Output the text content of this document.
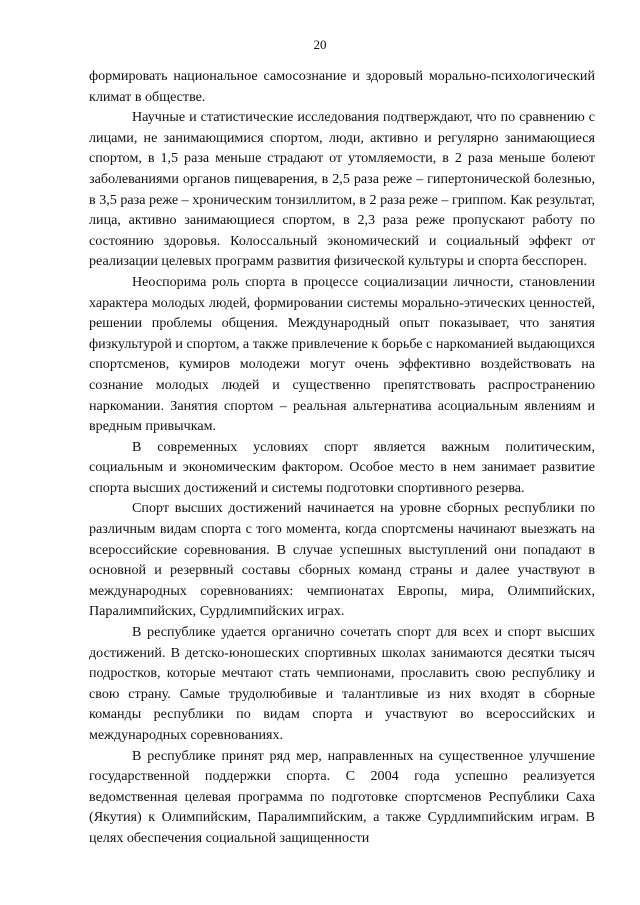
20

формировать национальное самосознание и здоровый морально-психологический климат в обществе.

Научные и статистические исследования подтверждают, что по сравнению с лицами, не занимающимися спортом, люди, активно и регулярно занимающиеся спортом, в 1,5 раза меньше страдают от утомляемости, в 2 раза меньше болеют заболеваниями органов пищеварения, в 2,5 раза реже – гипертонической болезнью, в 3,5 раза реже – хроническим тонзиллитом, в 2 раза реже – гриппом. Как результат, лица, активно занимающиеся спортом, в 2,3 раза реже пропускают работу по состоянию здоровья. Колоссальный экономический и социальный эффект от реализации целевых программ развития физической культуры и спорта бесспорен.

Неоспорима роль спорта в процессе социализации личности, становлении характера молодых людей, формировании системы морально-этических ценностей, решении проблемы общения. Международный опыт показывает, что занятия физкультурой и спортом, а также привлечение к борьбе с наркоманией выдающихся спортсменов, кумиров молодежи могут очень эффективно воздействовать на сознание молодых людей и существенно препятствовать распространению наркомании. Занятия спортом – реальная альтернатива асоциальным явлениям и вредным привычкам.

В современных условиях спорт является важным политическим, социальным и экономическим фактором. Особое место в нем занимает развитие спорта высших достижений и системы подготовки спортивного резерва.

Спорт высших достижений начинается на уровне сборных республики по различным видам спорта с того момента, когда спортсмены начинают выезжать на всероссийские соревнования. В случае успешных выступлений они попадают в основной и резервный составы сборных команд страны и далее участвуют в международных соревнованиях: чемпионатах Европы, мира, Олимпийских, Паралимпийских, Сурдлимпийских играх.

В республике удается органично сочетать спорт для всех и спорт высших достижений. В детско-юношеских спортивных школах занимаются десятки тысяч подростков, которые мечтают стать чемпионами, прославить свою республику и свою страну. Самые трудолюбивые и талантливые из них входят в сборные команды республики по видам спорта и участвуют во всероссийских и международных соревнованиях.

В республике принят ряд мер, направленных на существенное улучшение государственной поддержки спорта. С 2004 года успешно реализуется ведомственная целевая программа по подготовке спортсменов Республики Саха (Якутия) к Олимпийским, Паралимпийским, а также Сурдлимпийским играм. В целях обеспечения социальной защищенности
